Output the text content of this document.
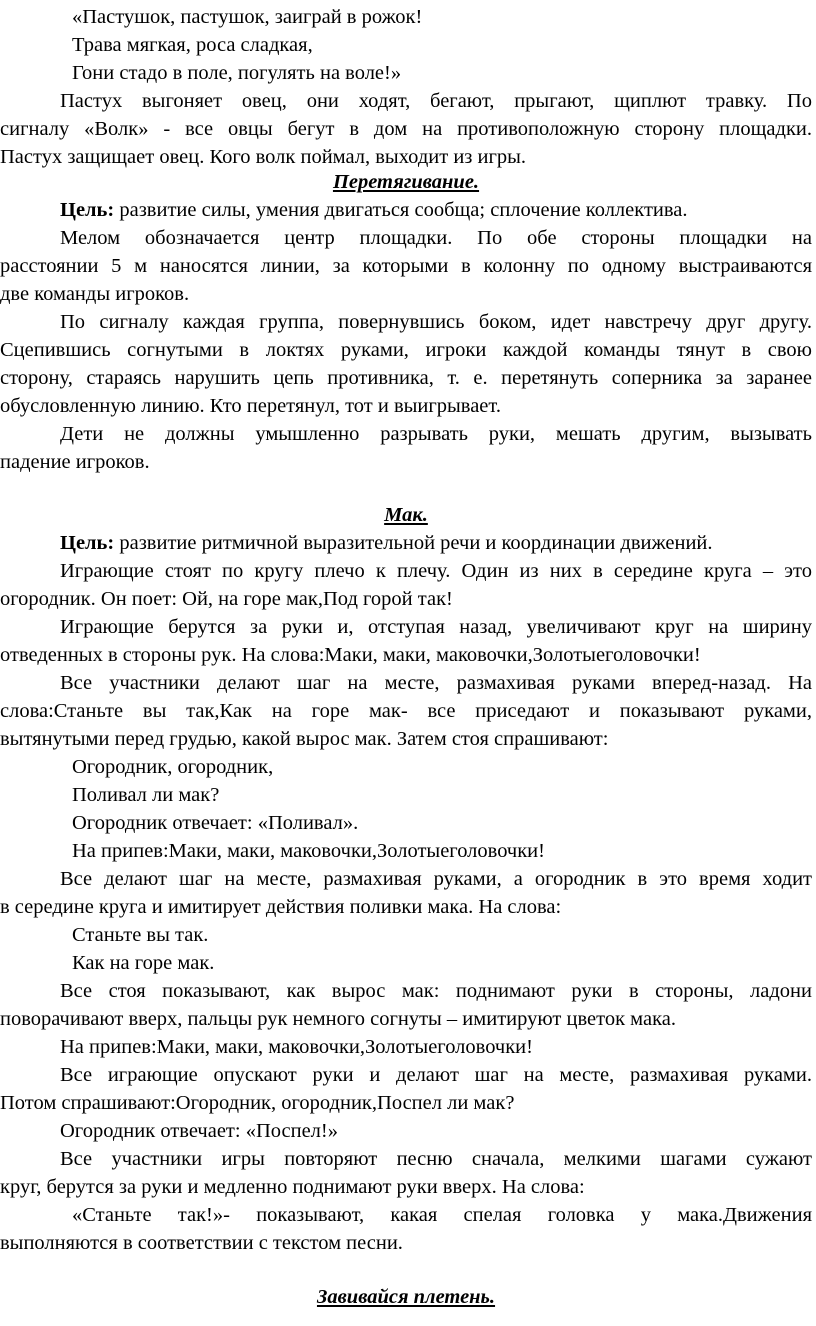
«Пастушок, пастушок, заиграй в рожок!
Трава мягкая, роса сладкая,
Гони стадо в поле, погулять на воле!»
Пастух выгоняет овец, они ходят, бегают, прыгают, щиплют травку. По
сигналу «Волк» - все овцы бегут в дом на противоположную сторону площадки.
Пастух защищает овец. Кого волк поймал, выходит из игры.
Перетягивание.
Цель: развитие силы, умения двигаться сообща; сплочение коллектива.
Мелом обозначается центр площадки. По обе стороны площадки на
расстоянии 5 м наносятся линии, за которыми в колонну по одному выстраиваются
две команды игроков.
По сигналу каждая группа, повернувшись боком, идет навстречу друг другу.
Сцепившись согнутыми в локтях руками, игроки каждой команды тянут в свою
сторону, стараясь нарушить цепь противника, т. е. перетянуть соперника за заранее
обусловленную линию. Кто перетянул, тот и выигрывает.
Дети не должны умышленно разрывать руки, мешать другим, вызывать
падение игроков.
Мак.
Цель: развитие ритмичной выразительной речи и координации движений.
Играющие стоят по кругу плечо к плечу. Один из них в середине круга – это
огородник. Он поет: Ой, на горе мак,Под горой так!
Играющие берутся за руки и, отступая назад, увеличивают круг на ширину
отведенных в стороны рук. На слова:Маки, маки, маковочки,Золотыеголовочки!
Все участники делают шаг на месте, размахивая руками вперед-назад. На
слова:Станьте вы так,Как на горе мак- все приседают и показывают руками,
вытянутыми перед грудью, какой вырос мак. Затем стоя спрашивают:
Огородник, огородник,
Поливал ли мак?
Огородник отвечает: «Поливал».
На припев:Маки, маки, маковочки,Золотыеголовочки!
Все делают шаг на месте, размахивая руками, а огородник в это время ходит
в середине круга и имитирует действия поливки мака. На слова:
Станьте вы так.
Как на горе мак.
Все стоя показывают, как вырос мак: поднимают руки в стороны, ладони
поворачивают вверх, пальцы рук немного согнуты – имитируют цветок мака.
На припев:Маки, маки, маковочки,Золотыеголовочки!
Все играющие опускают руки и делают шаг на месте, размахивая руками.
Потом спрашивают:Огородник, огородник,Поспел ли мак?
Огородник отвечает: «Поспел!»
Все участники игры повторяют песню сначала, мелкими шагами сужают
круг, берутся за руки и медленно поднимают руки вверх. На слова:
«Станьте так!»- показывают, какая спелая головка у мака.Движения
выполняются в соответствии с текстом песни.
Завивайся плетень.
